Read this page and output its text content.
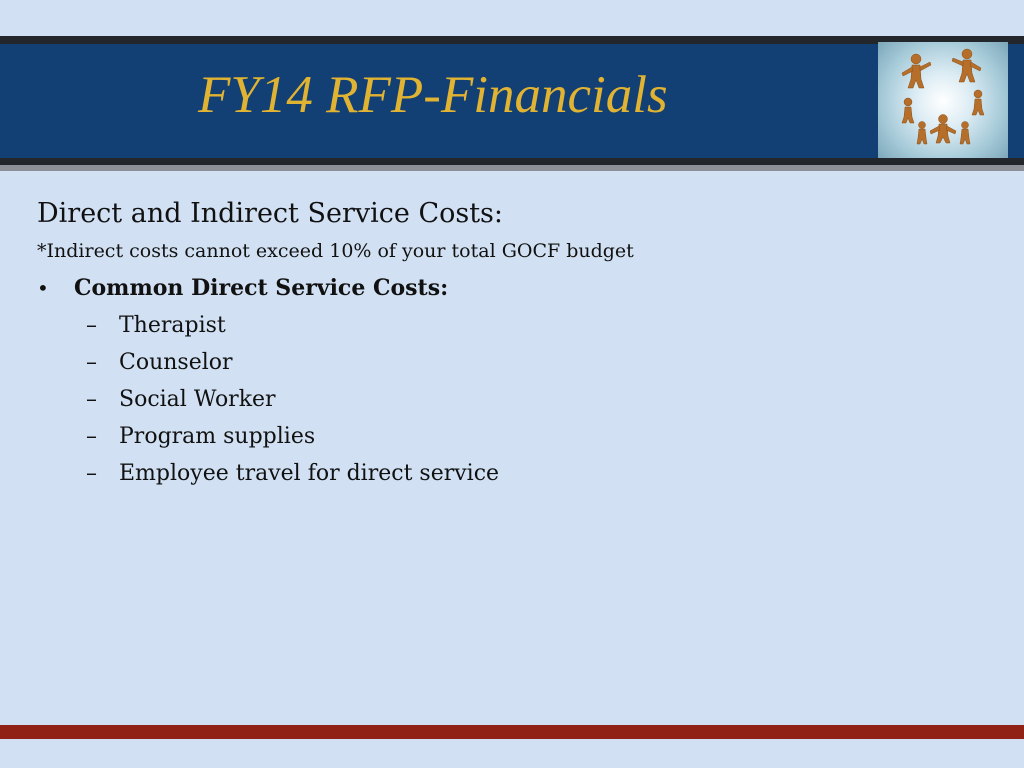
FY14 RFP-Financials

Direct and Indirect Service Costs:

*Indirect costs cannot exceed 10% of your total GOCF budget

•	Common Direct Service Costs:
–	Therapist
–	Counselor
–	Social Worker
–	Program supplies
–	Employee travel for direct service
